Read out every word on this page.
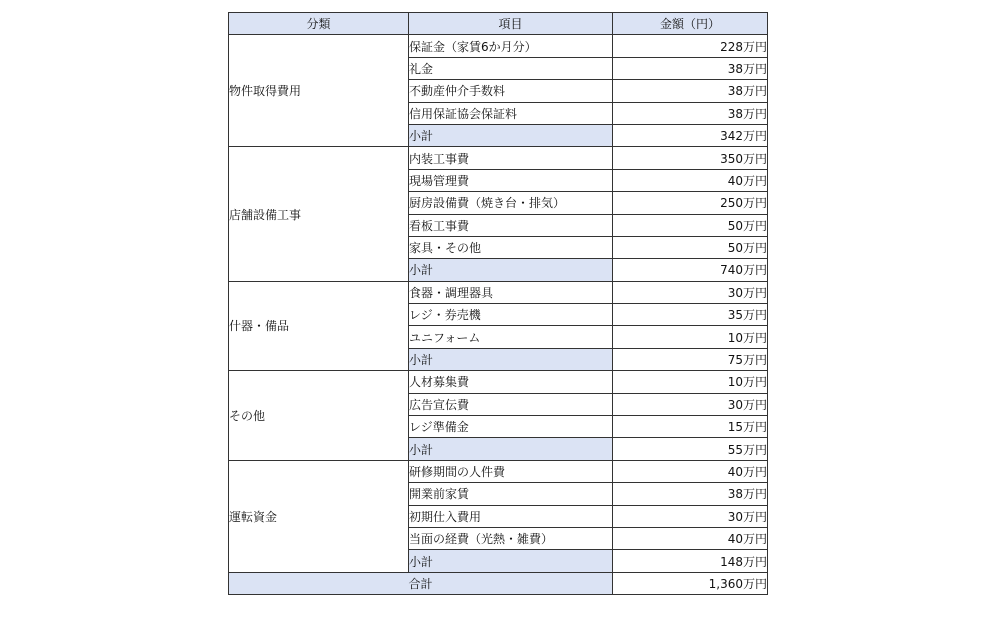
分類	項目	金額（円）
物件取得費用	保証金（家賃6か月分）	228万円
	礼金	38万円
	不動産仲介手数料	38万円
	信用保証協会保証料	38万円
	小計	342万円
店舗設備工事	内装工事費	350万円
	現場管理費	40万円
	厨房設備費（焼き台・排気）	250万円
	看板工事費	50万円
	家具・その他	50万円
	小計	740万円
什器・備品	食器・調理器具	30万円
	レジ・券売機	35万円
	ユニフォーム	10万円
	小計	75万円
その他	人材募集費	10万円
	広告宣伝費	30万円
	レジ準備金	15万円
	小計	55万円
運転資金	研修期間の人件費	40万円
	開業前家賃	38万円
	初期仕入費用	30万円
	当面の経費（光熱・雑費）	40万円
	小計	148万円
合計		1,360万円
